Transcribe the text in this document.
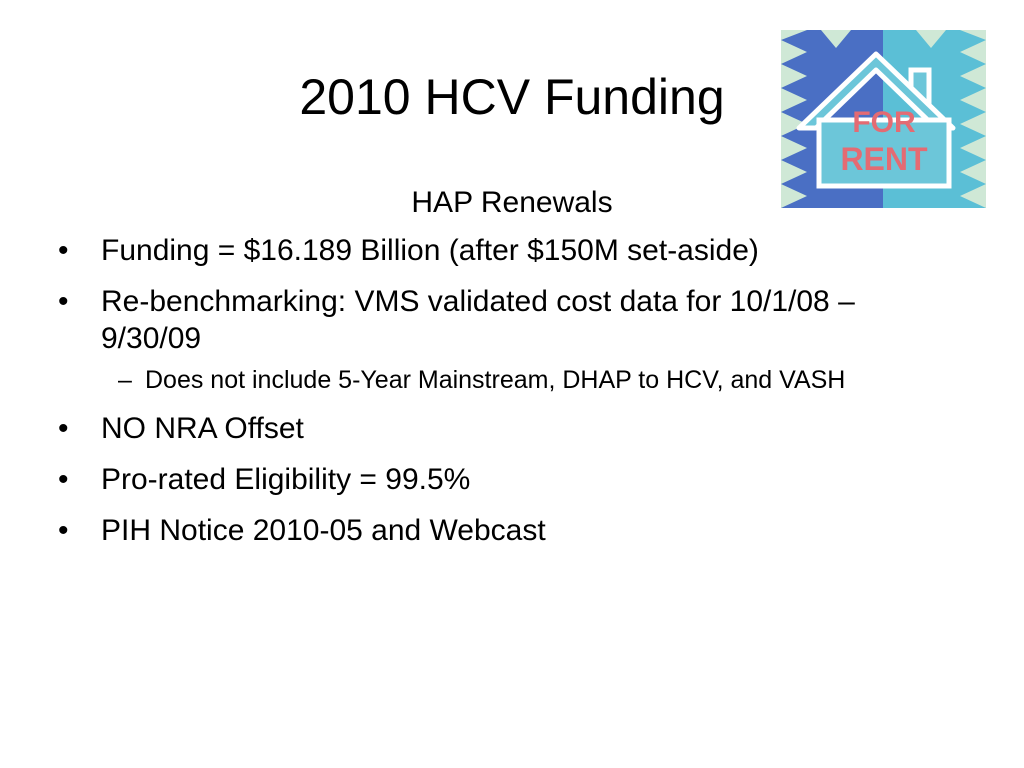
2010 HCV Funding	FOR
RENT
HAP Renewals
•	Funding = $16.189 Billion (after $150M set-aside)
•	Re-benchmarking: VMS validated cost data for 10/1/08 – 9/30/09
– Does not include 5-Year Mainstream, DHAP to HCV, and VASH
•	NO NRA Offset
•	Pro-rated Eligibility = 99.5%
•	PIH Notice 2010-05 and Webcast
